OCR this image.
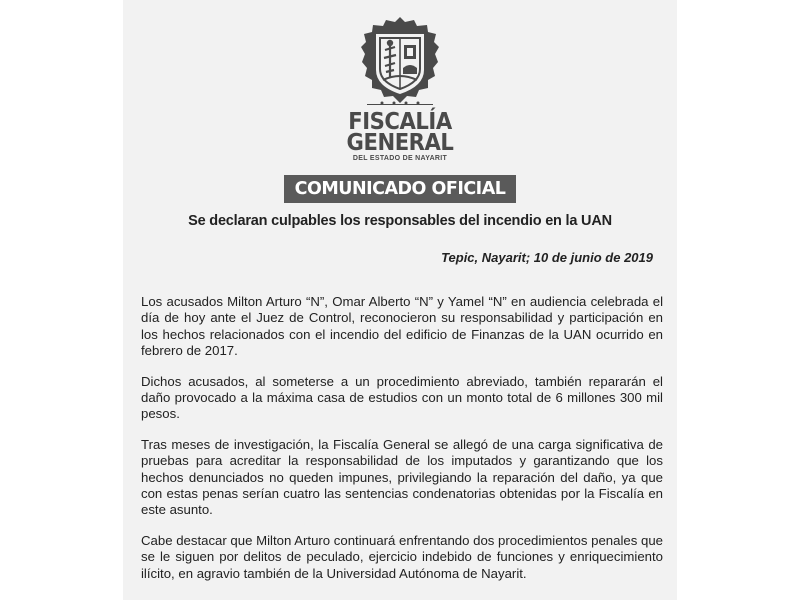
FISCALÍA
GENERAL
DEL ESTADO DE NAYARIT
COMUNICADO OFICIAL
Se declaran culpables los responsables del incendio en la UAN
Tepic, Nayarit; 10 de junio de 2019

Los acusados Milton Arturo “N”, Omar Alberto “N” y Yamel “N” en audiencia celebrada el día de hoy ante el Juez de Control, reconocieron su responsabilidad y participación en los hechos relacionados con el incendio del edificio de Finanzas de la UAN ocurrido en febrero de 2017.

Dichos acusados, al someterse a un procedimiento abreviado, también repararán el daño provocado a la máxima casa de estudios con un monto total de 6 millones 300 mil pesos.

Tras meses de investigación, la Fiscalía General se allegó de una carga significativa de pruebas para acreditar la responsabilidad de los imputados y garantizando que los hechos denunciados no queden impunes, privilegiando la reparación del daño, ya que con estas penas serían cuatro las sentencias condenatorias obtenidas por la Fiscalía en este asunto.

Cabe destacar que Milton Arturo continuará enfrentando dos procedimientos penales que se le siguen por delitos de peculado, ejercicio indebido de funciones y enriquecimiento ilícito, en agravio también de la Universidad Autónoma de Nayarit.
